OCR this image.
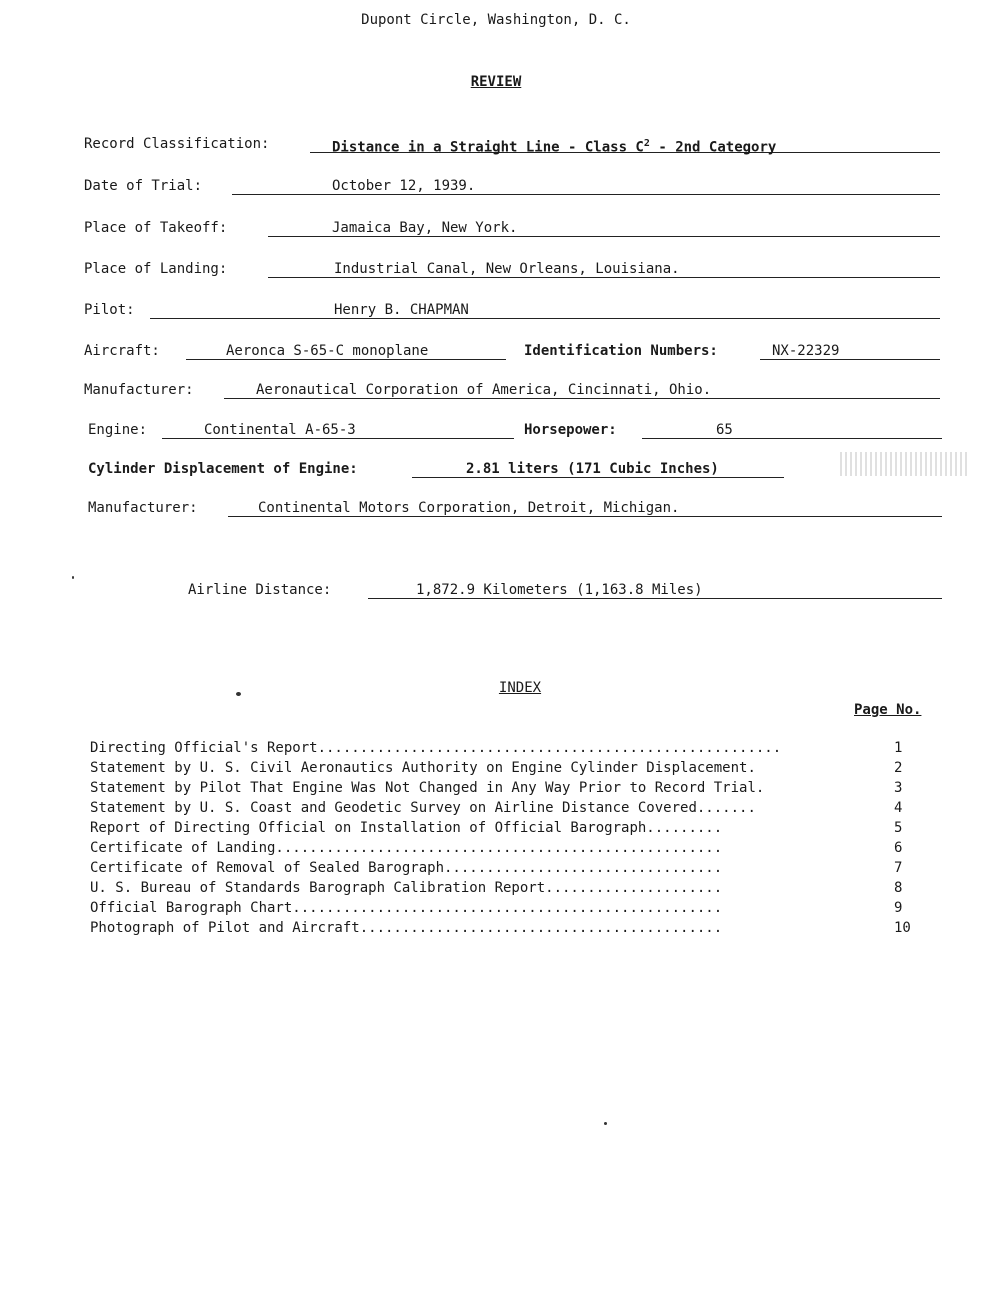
Dupont Circle, Washington, D. C.
REVIEW
Record Classification:	Distance in a Straight Line - Class $C^2 - 2nd$ Category
Date of Trial:	October 12, 1939.
Place of Takeoff:	Jamaica Bay, New York.
Place of Landing:	Industrial Canal, New Orleans, Louisiana.
Pilot:	Henry B. CHAPMAN
Aircraft:	Aeronca S-65-C monoplane	Identification Numbers:	NX-22329
Manufacturer:	Aeronautical Corporation of America, Cincinnati, Ohio.
Engine:	Continental A-65-3	Horsepower:	65
Cylinder Displacement of Engine:	2.81 liters (171 Cubic Inches)
Manufacturer:	Continental Motors Corporation, Detroit, Michigan.
Airline Distance:	1,872.9 Kilometers (1,163.8 Miles)
INDEX
Page No.
Directing Official's Report.......................................................	1
Statement by U. S. Civil Aeronautics Authority on Engine Cylinder Displacement.	2
Statement by Pilot That Engine Was Not Changed in Any Way Prior to Record Trial.	3
Statement by U. S. Coast and Geodetic Survey on Airline Distance Covered.......	4
Report of Directing Official on Installation of Official Barograph.........	5
Certificate of Landing.....................................................	6
Certificate of Removal of Sealed Barograph.................................	7
U. S. Bureau of Standards Barograph Calibration Report.....................	8
Official Barograph Chart...................................................	9
Photograph of Pilot and Aircraft...........................................	10
